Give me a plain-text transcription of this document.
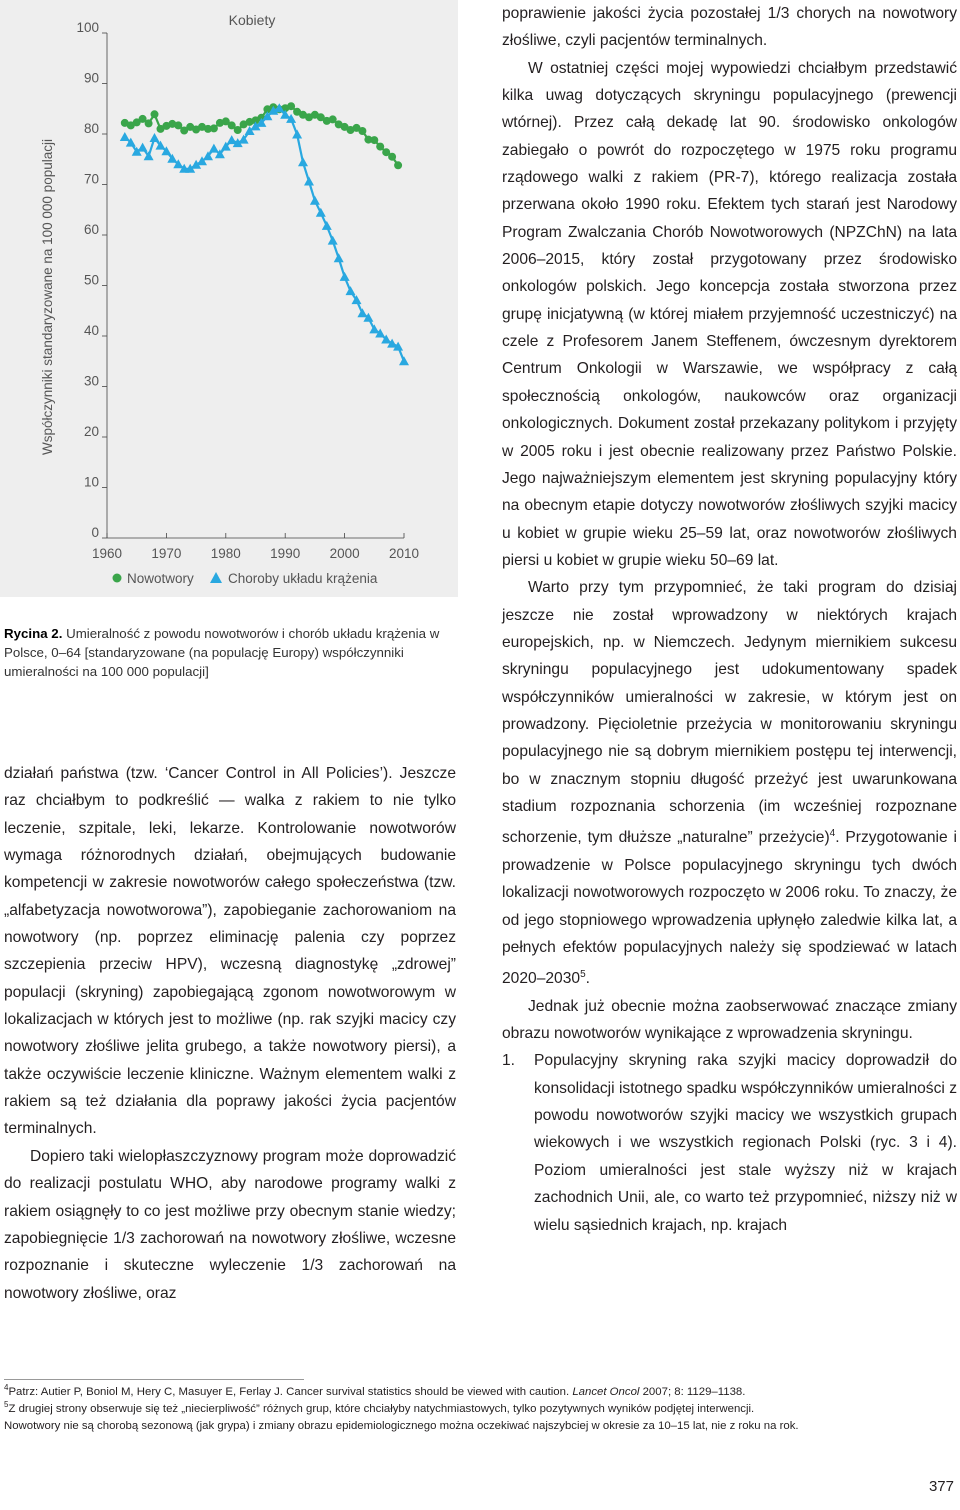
Współczynniki standaryzowane na 100 000 populacji
Kobiety
0
10
20
30
40
50
60
70
80
90
100
1960 1970 1980 1990 2000 2010
Nowotwory	Choroby układu krążenia
Rycina 2. Umieralność z powodu nowotworów i chorób układu krążenia w Polsce, 0–64 [standaryzowane (na populację Europy) współczynniki umieralności na 100 000 populacji]

działań państwa (tzw. ‘Cancer Control in All Policies’). Jeszcze raz chciałbym to podkreślić — walka z rakiem to nie tylko leczenie, szpitale, leki, lekarze. Kontrolowanie nowotworów wymaga różnorodnych działań, obejmujących budowanie kompetencji w zakresie nowotworów całego społeczeństwa (tzw. „alfabetyzacja nowotworowa”), zapobieganie zachorowaniom na nowotwory (np. poprzez eliminację palenia czy poprzez szczepienia przeciw HPV), wczesną diagnostykę „zdrowej” populacji (skryning) zapobiegającą zgonom nowotworowym w lokalizacjach w których jest to możliwe (np. rak szyjki macicy czy nowotwory złośliwe jelita grubego, a także nowotwory piersi), a także oczywiście leczenie kliniczne. Ważnym elementem walki z rakiem są też działania dla poprawy jakości życia pacjentów terminalnych.

Dopiero taki wielopłaszczyznowy program może doprowadzić do realizacji postulatu WHO, aby narodowe programy walki z rakiem osiągnęły to co jest możliwe przy obecnym stanie wiedzy; zapobiegnięcie 1/3 zachorowań na nowotwory złośliwe, wczesne rozpoznanie i skuteczne wyleczenie 1/3 zachorowań na nowotwory złośliwe, oraz

poprawienie jakości życia pozostałej 1/3 chorych na nowotwory złośliwe, czyli pacjentów terminalnych.

W ostatniej części mojej wypowiedzi chciałbym przedstawić kilka uwag dotyczących skryningu populacyjnego (prewencji wtórnej). Przez całą dekadę lat 90. środowisko onkologów zabiegało o powrót do rozpoczętego w 1975 roku programu rządowego walki z rakiem (PR-7), którego realizacja została przerwana około 1990 roku. Efektem tych starań jest Narodowy Program Zwalczania Chorób Nowotworowych (NPZChN) na lata 2006–2015, który został przygotowany przez środowisko onkologów polskich. Jego koncepcja została stworzona przez grupę inicjatywną (w której miałem przyjemność uczestniczyć) na czele z Profesorem Janem Steffenem, ówczesnym dyrektorem Centrum Onkologii w Warszawie, we współpracy z całą społecznością onkologów, naukowców oraz organizacji onkologicznych. Dokument został przekazany politykom i przyjęty w 2005 roku i jest obecnie realizowany przez Państwo Polskie. Jego najważniejszym elementem jest skryning populacyjny który na obecnym etapie dotyczy nowotworów złośliwych szyjki macicy u kobiet w grupie wieku 25–59 lat, oraz nowotworów złośliwych piersi u kobiet w grupie wieku 50–69 lat.

Warto przy tym przypomnieć, że taki program do dzisiaj jeszcze nie został wprowadzony w niektórych krajach europejskich, np. w Niemczech. Jedynym miernikiem sukcesu skryningu populacyjnego jest udokumentowany spadek współczynników umieralności w zakresie, w którym jest on prowadzony. Pięcioletnie przeżycia w monitorowaniu skryningu populacyjnego nie są dobrym miernikiem postępu tej interwencji, bo w znacznym stopniu długość przeżyć jest uwarunkowana stadium rozpoznania schorzenia (im wcześniej rozpoznane schorzenie, tym dłuższe „naturalne” przeżycie)$^4$. Przygotowanie i prowadzenie w Polsce populacyjnego skryningu tych dwóch lokalizacji nowotworowych rozpoczęto w 2006 roku. To znaczy, że od jego stopniowego wprowadzenia upłynęło zaledwie kilka lat, a pełnych efektów populacyjnych należy się spodziewać w latach 2020–2030$^5$.

Jednak już obecnie można zaobserwować znaczące zmiany obrazu nowotworów wynikające z wprowadzenia skryningu.

1.	Populacyjny skryning raka szyjki macicy doprowadził do konsolidacji istotnego spadku współczynników umieralności z powodu nowotworów szyjki macicy we wszystkich grupach wiekowych i we wszystkich regionach Polski (ryc. 3 i 4). Poziom umieralności jest stale wyższy niż w krajach zachodnich Unii, ale, co warto też przypomnieć, niższy niż w wielu sąsiednich krajach, np. krajach
$^4$Patrz: Autier P, Boniol M, Hery C, Masuyer E, Ferlay J. Cancer survival statistics should be viewed with caution. Lancet Oncol 2007; 8: 1129–1138.
$^5$Z drugiej strony obserwuje się też „niecierpliwość” różnych grup, które chciałyby natychmiastowych, tylko pozytywnych wyników podjętej interwencji.
Nowotwory nie są chorobą sezonową (jak grypa) i zmiany obrazu epidemiologicznego można oczekiwać najszybciej w okresie za 10–15 lat, nie z roku na rok.
377
